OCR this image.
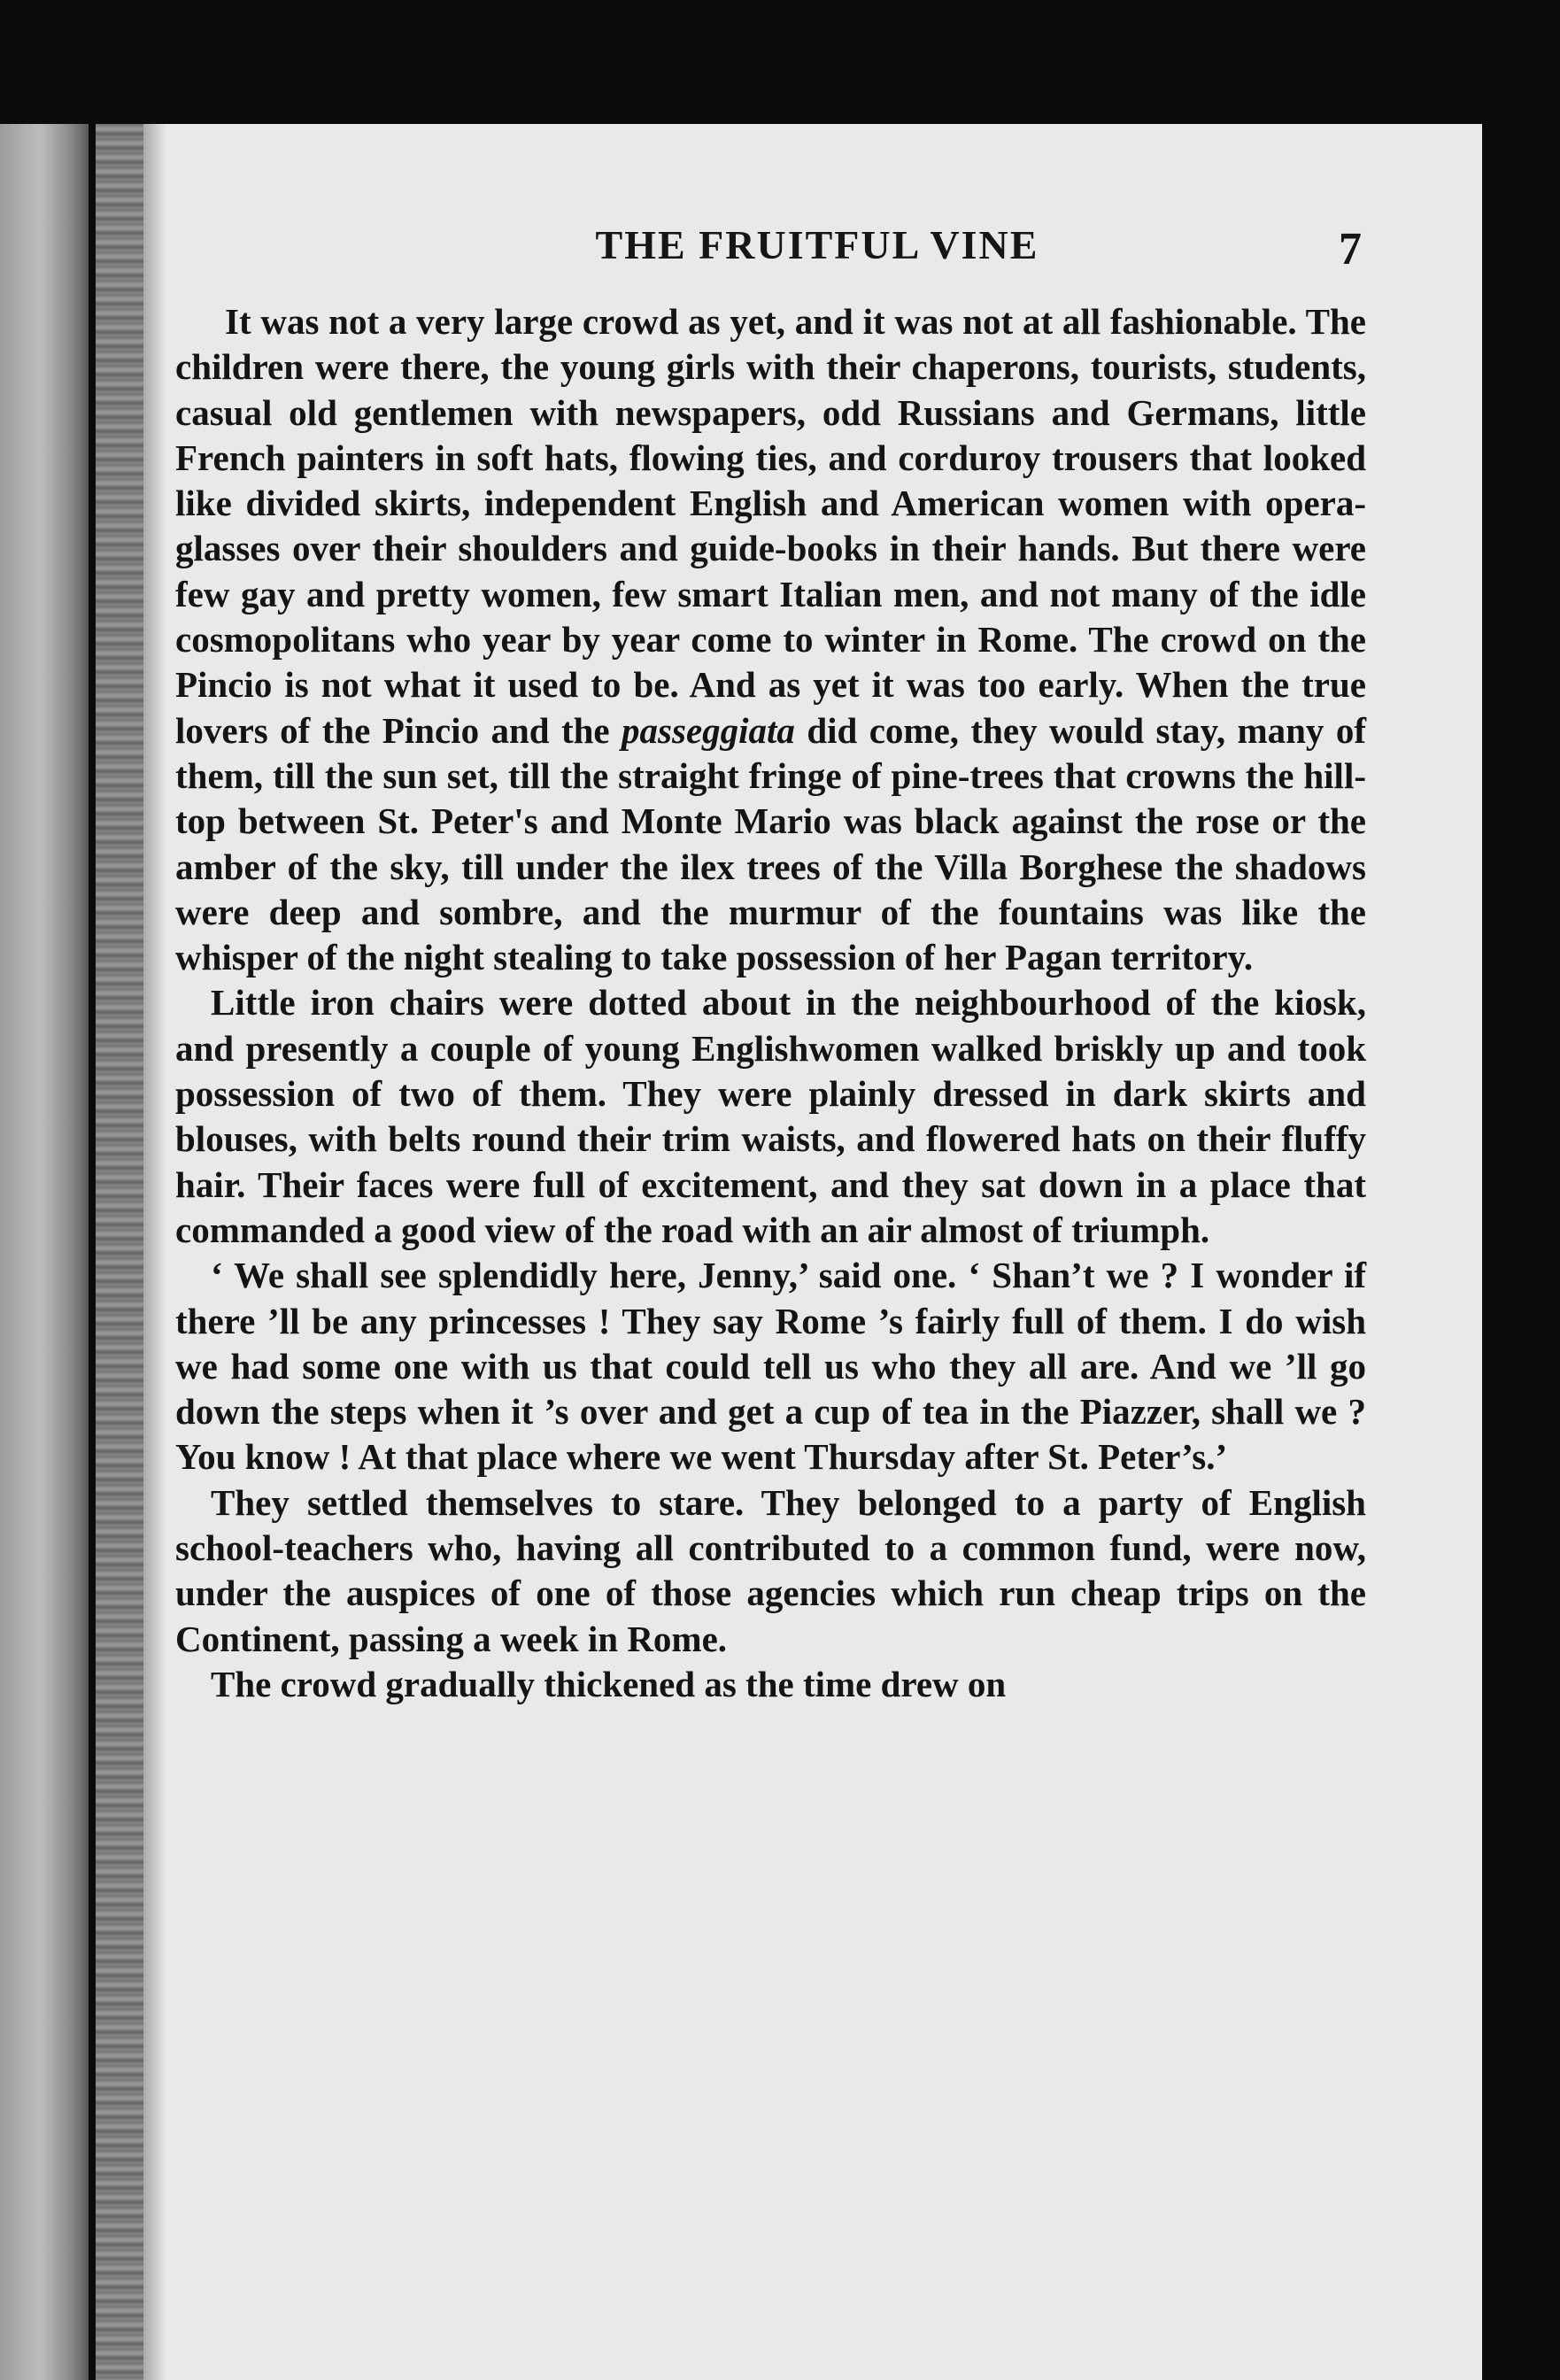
THE FRUITFUL VINE	7

It was not a very large crowd as yet, and it was not at all fashionable. The children were there, the young girls with their chaperons, tourists, students, casual old gentlemen with newspapers, odd Russians and Germans, little French painters in soft hats, flowing ties, and corduroy trousers that looked like divided skirts, independent English and American women with opera-glasses over their shoulders and guide-books in their hands. But there were few gay and pretty women, few smart Italian men, and not many of the idle cosmopolitans who year by year come to winter in Rome. The crowd on the Pincio is not what it used to be. And as yet it was too early. When the true lovers of the Pincio and the passeggiata did come, they would stay, many of them, till the sun set, till the straight fringe of pine-trees that crowns the hill-top between St. Peter's and Monte Mario was black against the rose or the amber of the sky, till under the ilex trees of the Villa Borghese the shadows were deep and sombre, and the murmur of the fountains was like the whisper of the night stealing to take possession of her Pagan territory.

Little iron chairs were dotted about in the neighbourhood of the kiosk, and presently a couple of young Englishwomen walked briskly up and took possession of two of them. They were plainly dressed in dark skirts and blouses, with belts round their trim waists, and flowered hats on their fluffy hair. Their faces were full of excitement, and they sat down in a place that commanded a good view of the road with an air almost of triumph.

‘ We shall see splendidly here, Jenny,’ said one. ‘ Shan’t we ? I wonder if there ’ll be any princesses ! They say Rome ’s fairly full of them. I do wish we had some one with us that could tell us who they all are. And we ’ll go down the steps when it ’s over and get a cup of tea in the Piazzer, shall we ? You know ! At that place where we went Thursday after St. Peter’s.’

They settled themselves to stare. They belonged to a party of English school-teachers who, having all contributed to a common fund, were now, under the auspices of one of those agencies which run cheap trips on the Continent, passing a week in Rome.

The crowd gradually thickened as the time drew on
